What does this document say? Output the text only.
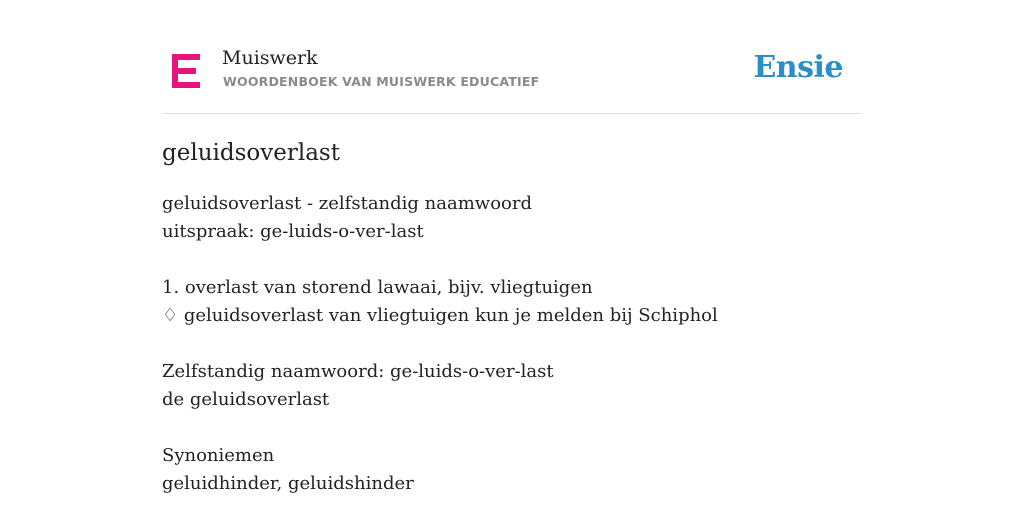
Muiswerk
WOORDENBOEK VAN MUISWERK EDUCATIEF	Ensie
geluidsoverlast
geluidsoverlast - zelfstandig naamwoord
uitspraak: ge-luids-o-ver-last
1. overlast van storend lawaai, bijv. vliegtuigen
♢ geluidsoverlast van vliegtuigen kun je melden bij Schiphol
Zelfstandig naamwoord: ge-luids-o-ver-last
de geluidsoverlast
Synoniemen
geluidhinder, geluidshinder
